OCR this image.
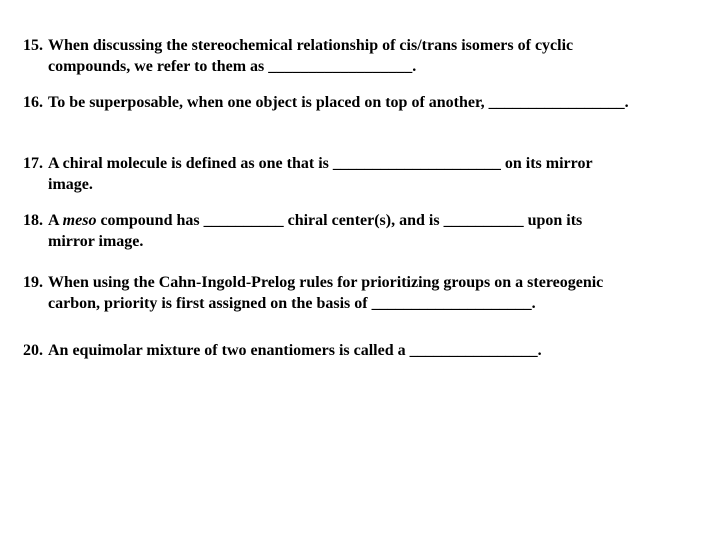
15. When discussing the stereochemical relationship of cis/trans isomers of cyclic
compounds, we refer to them as __________________.
16. To be superposable, when one object is placed on top of another, _________________.
17. A chiral molecule is defined as one that is _____________________ on its mirror
image.
18. A meso compound has __________ chiral center(s), and is __________ upon its
mirror image.
19. When using the Cahn-Ingold-Prelog rules for prioritizing groups on a stereogenic
carbon, priority is first assigned on the basis of ____________________.
20. An equimolar mixture of two enantiomers is called a ________________.
